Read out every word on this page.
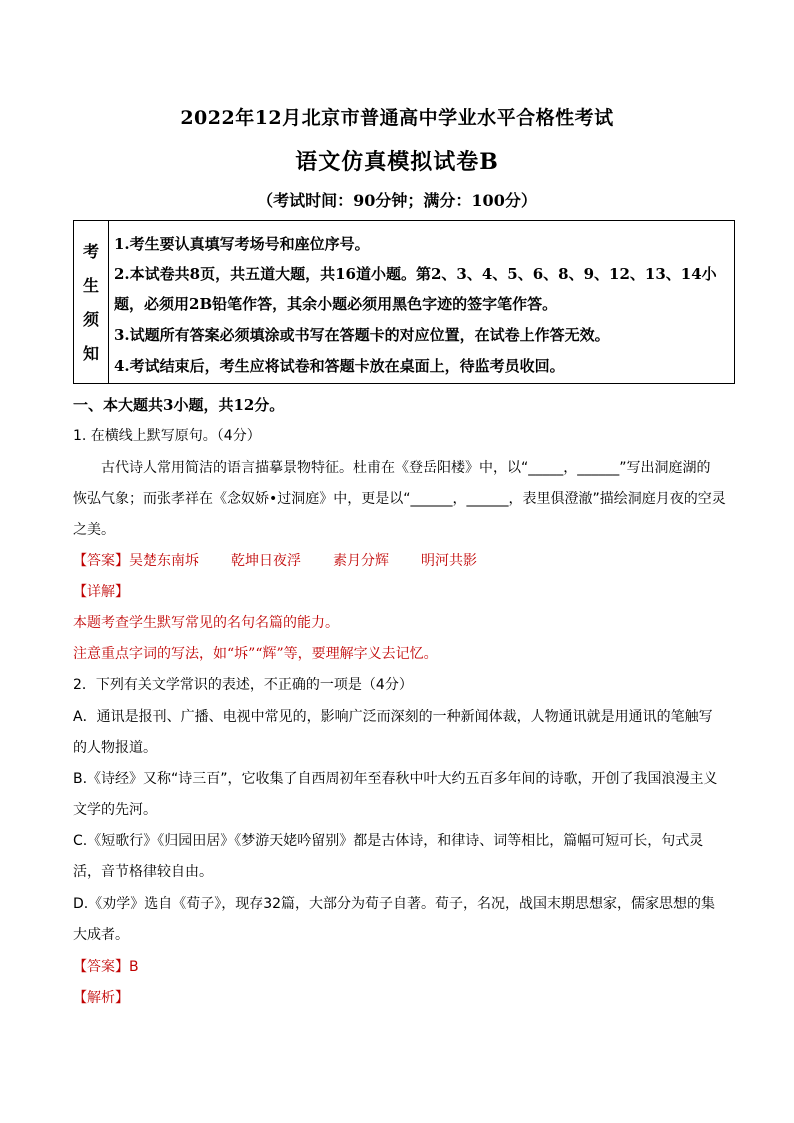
2022年12月北京市普通高中学业水平合格性考试
语文仿真模拟试卷B
（考试时间：90分钟；满分：100分）
考
生
须
知
1.考生要认真填写考场号和座位序号。
2.本试卷共8页，共五道大题，共16道小题。第2、3、4、5、6、8、9、12、13、14小
题，必须用2B铅笔作答，其余小题必须用黑色字迹的签字笔作答。
3.试题所有答案必须填涂或书写在答题卡的对应位置，在试卷上作答无效。
4.考试结束后，考生应将试卷和答题卡放在桌面上，待监考员收回。
一、本大题共3小题，共12分。
1. 在横线上默写原句。（4分）
古代诗人常用简洁的语言描摹景物特征。杜甫在《登岳阳楼》中，以“_____，______”写出洞庭湖的
恢弘气象；而张孝祥在《念奴娇•过洞庭》中，更是以“______，______，表里俱澄澈”描绘洞庭月夜的空灵
之美。
【答案】吴楚东南坼 乾坤日夜浮 素月分辉 明河共影
【详解】
本题考查学生默写常见的名句名篇的能力。
注意重点字词的写法，如“坼”“辉”等，要理解字义去记忆。
2．下列有关文学常识的表述，不正确的一项是（4分）
A．通讯是报刊、广播、电视中常见的，影响广泛而深刻的一种新闻体裁，人物通讯就是用通讯的笔触写
的人物报道。
B.《诗经》又称“诗三百”，它收集了自西周初年至春秋中叶大约五百多年间的诗歌，开创了我国浪漫主义
文学的先河。
C.《短歌行》《归园田居》《梦游天姥吟留别》都是古体诗，和律诗、词等相比，篇幅可短可长，句式灵
活，音节格律较自由。
D.《劝学》选自《荀子》，现存32篇，大部分为荀子自著。荀子，名况，战国末期思想家，儒家思想的集
大成者。
【答案】B
【解析】
